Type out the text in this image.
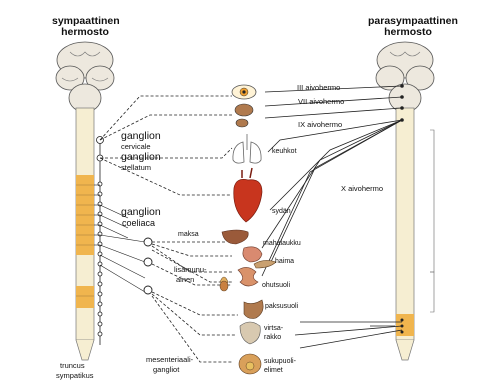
sympaattinen hermosto
parasympaattinen hermosto
ganglion
cervicale
ganglion
stellatum
ganglion
coeliaca
III aivohermo
VII aivohermo
IX aivohermo
X aivohermo
keuhkot
sydän
maksa
mahalaukku
haima
ohutsuoli
paksusuoli
virtsa-
rakko
sukupuoli-
elimet
lisämunu-
ainen
truncus
sympatikus
mesenteriaali-
gangliot
